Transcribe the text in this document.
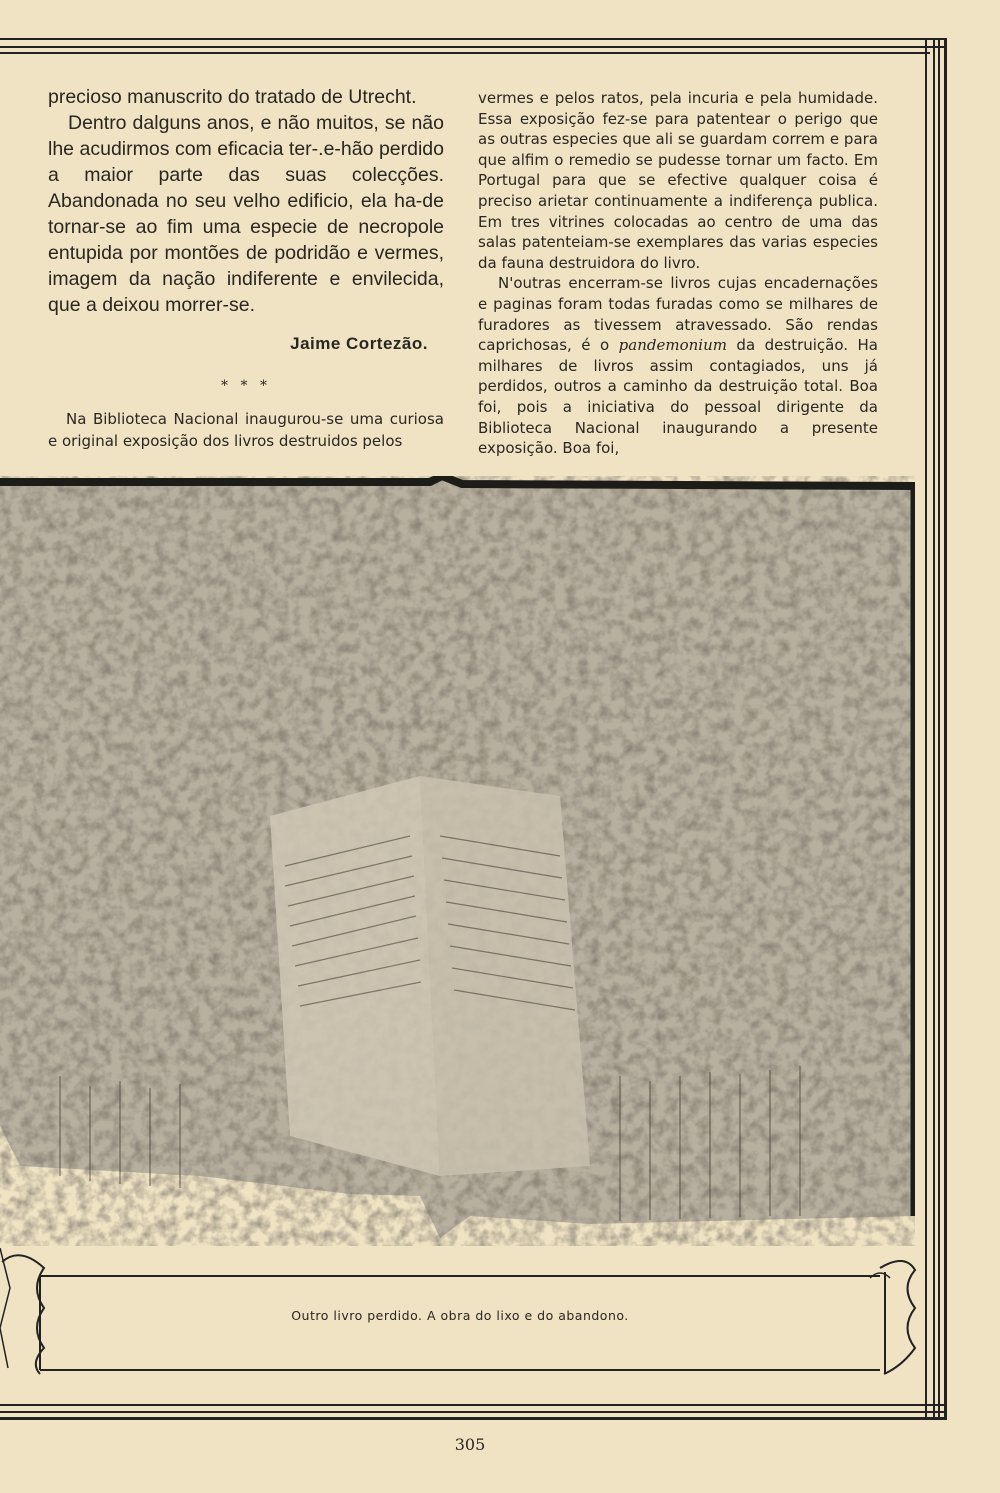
precioso manuscrito do tratado de Utrecht.

Dentro dalguns anos, e não muitos, se não lhe acudirmos com eficacia ter-.e-hão perdido a maior parte das suas colecções. Abandonada no seu velho edificio, ela ha-de tornar-se ao fim uma especie de necropole entupida por montões de podridão e vermes, imagem da nação indiferente e envilecida, que a deixou morrer-se.

Jaime Cortezão.

* * *

Na Biblioteca Nacional inaugurou-se uma curiosa e original exposição dos livros destruidos pelos

vermes e pelos ratos, pela incuria e pela humidade. Essa exposição fez-se para patentear o perigo que as outras especies que ali se guardam correm e para que alfim o remedio se pudesse tornar um facto. Em Portugal para que se efective qualquer coisa é preciso arietar continuamente a indiferença publica. Em tres vitrines colocadas ao centro de uma das salas patenteiam-se exemplares das varias especies da fauna destruidora do livro.

N'outras encerram-se livros cujas encadernações e paginas foram todas furadas como se milhares de furadores as tivessem atravessado. São rendas caprichosas, é o pandemonium da destruição. Ha milhares de livros assim contagiados, uns já perdidos, outros a caminho da destruição total. Boa foi, pois a iniciativa do pessoal dirigente da Biblioteca Nacional inaugurando a presente exposição. Boa foi,

Outro livro perdido. A obra do lixo e do abandono.
305
